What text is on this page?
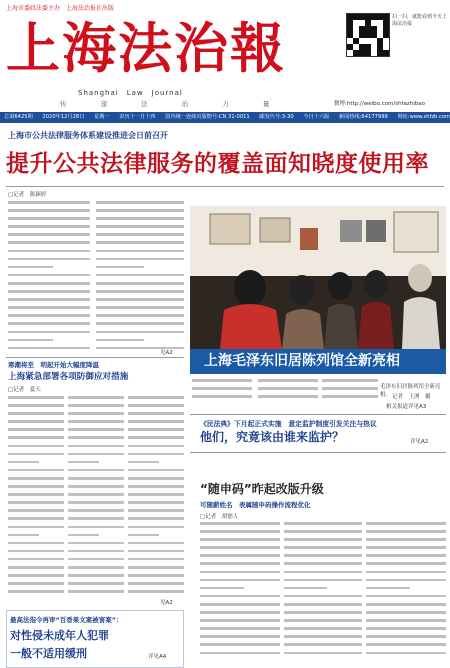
上海市委政法委主办　上海法治报社出版
上海法治報
Shanghai　Law　Journal
传 递 法 治 力 量
扫一扫，就能看到今天上海法治报
微博:http://weibo.com/shfazhibao
总第6425期 2020年12月28日 星期一 农历十一月十四 国内统一连续出版物号:CN 31-0011 邮发代号:3-30 今日十六版 新闻热线:64177999 网址:www.shfzb.com
上海市公共法律服务体系建设推进会日前召开
提升公共法律服务的覆盖面知晓度使用率
□记者　陈颖婷
见A2	上海毛泽东旧居陈列馆全新亮相
毛泽东旧居陈列馆全新亮相。 记者　王湧　摄
相关报道详见A3
寒潮将至　明起开始大幅度降温
上海紧急部署各项防御应对措施
□记者　夏天
见A2
《民法典》下月起正式实施　意定监护制度引发关注与热议
他们，究竟该由谁来监护？	详见A2
“随申码”昨起改版升级
可随薪姓名　表属随申码操作流程优化
□记者　胡德人
最高法指令再审“百香果文案被害案”：
对性侵未成年人犯罪
一般不适用缓刑	详见A4
